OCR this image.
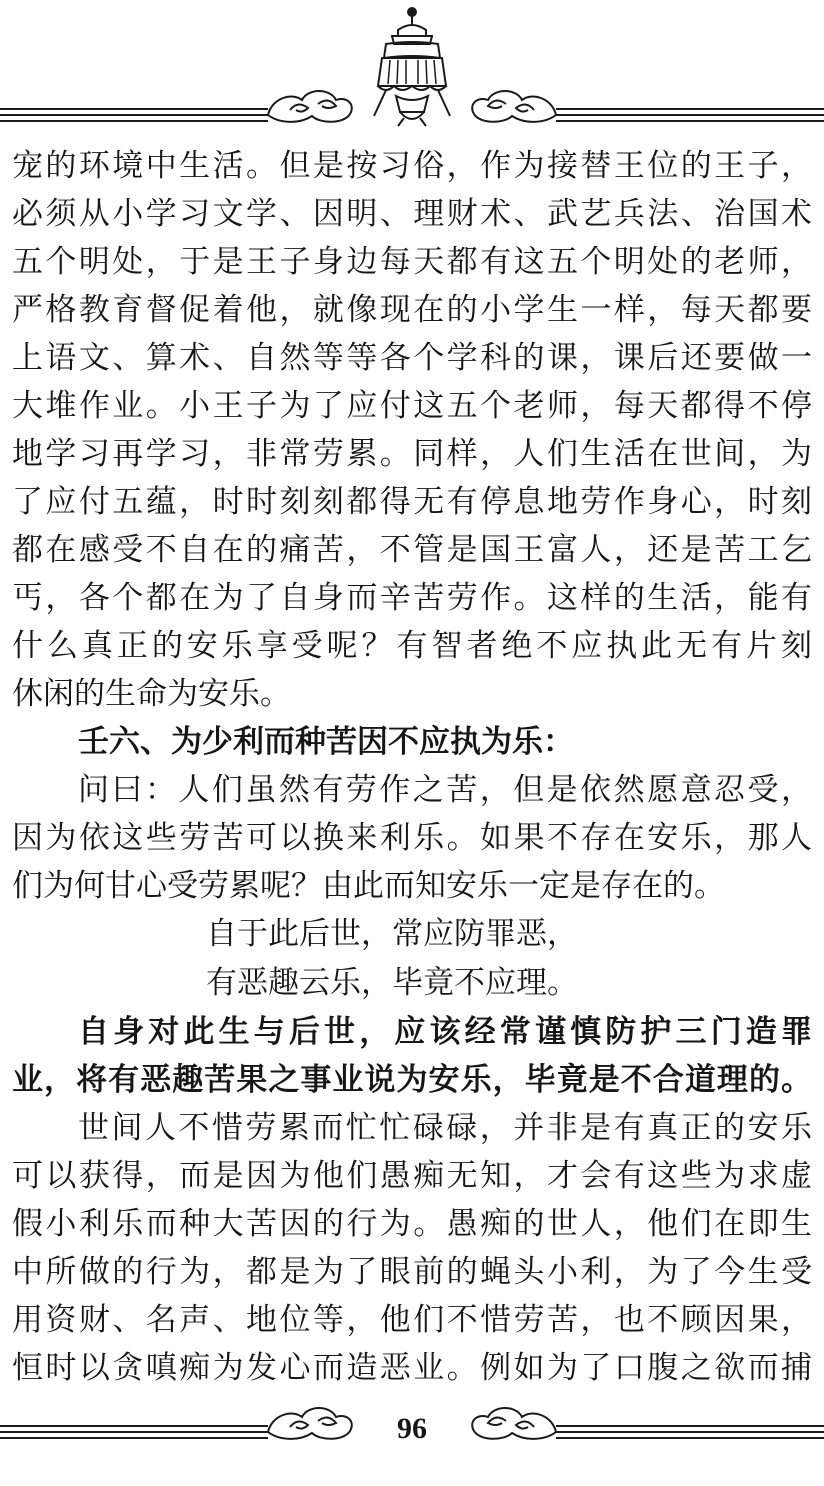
宠的环境中生活。但是按习俗，作为接替王位的王子，
必须从小学习文学、因明、理财术、武艺兵法、治国术
五个明处，于是王子身边每天都有这五个明处的老师，
严格教育督促着他，就像现在的小学生一样，每天都要
上语文、算术、自然等等各个学科的课，课后还要做一
大堆作业。小王子为了应付这五个老师，每天都得不停
地学习再学习，非常劳累。同样，人们生活在世间，为
了应付五蕴，时时刻刻都得无有停息地劳作身心，时刻
都在感受不自在的痛苦，不管是国王富人，还是苦工乞
丐，各个都在为了自身而辛苦劳作。这样的生活，能有
什么真正的安乐享受呢？有智者绝不应执此无有片刻
休闲的生命为安乐。
壬六、为少利而种苦因不应执为乐：
问曰：人们虽然有劳作之苦，但是依然愿意忍受，
因为依这些劳苦可以换来利乐。如果不存在安乐，那人
们为何甘心受劳累呢？由此而知安乐一定是存在的。
自于此后世，常应防罪恶，
有恶趣云乐，毕竟不应理。
自身对此生与后世，应该经常谨慎防护三门造罪
业，将有恶趣苦果之事业说为安乐，毕竟是不合道理的。
世间人不惜劳累而忙忙碌碌，并非是有真正的安乐
可以获得，而是因为他们愚痴无知，才会有这些为求虚
假小利乐而种大苦因的行为。愚痴的世人，他们在即生
中所做的行为，都是为了眼前的蝇头小利，为了今生受
用资财、名声、地位等，他们不惜劳苦，也不顾因果，
恒时以贪嗔痴为发心而造恶业。例如为了口腹之欲而捕
96
